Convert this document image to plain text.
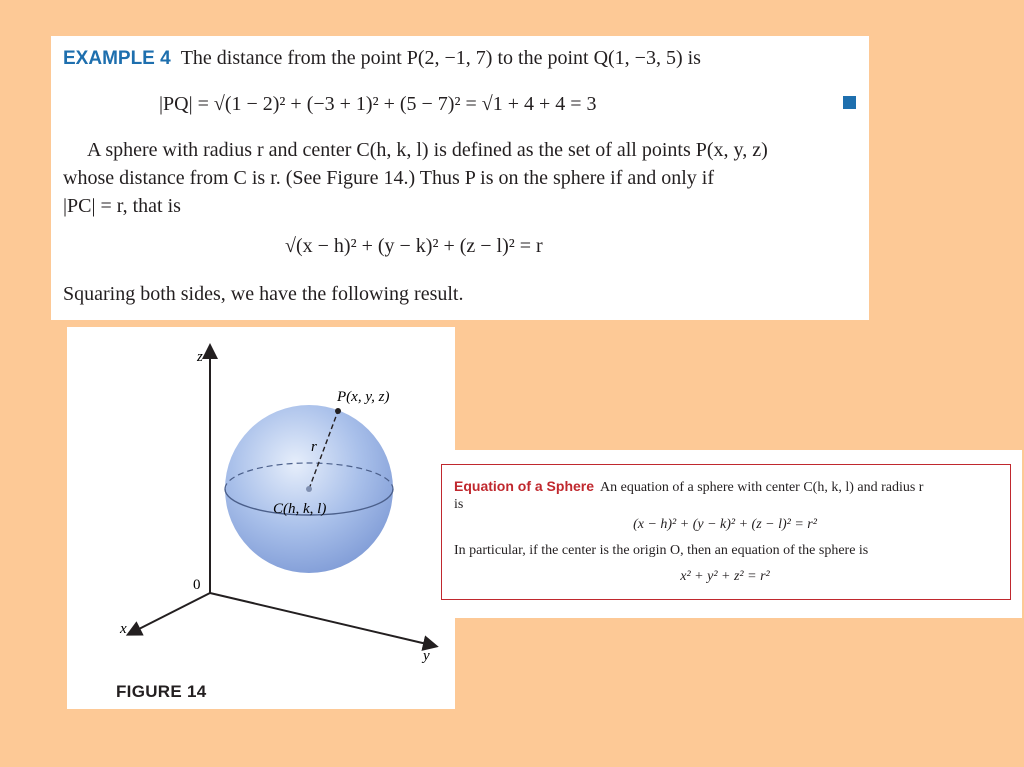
EXAMPLE 4 The distance from the point P(2, −1, 7) to the point Q(1, −3, 5) is
|PQ| = √(1 − 2)² + (−3 + 1)² + (5 − 7)² = √1 + 4 + 4 = 3
A sphere with radius r and center C(h, k, l) is defined as the set of all points P(x, y, z)
whose distance from C is r. (See Figure 14.) Thus P is on the sphere if and only if
|PC| = r, that is
√(x − h)² + (y − k)² + (z − l)² = r
Squaring both sides, we have the following result.
z
y
x
0
P(x, y, z)
r
C(h, k, l)
FIGURE 14
Equation of a Sphere An equation of a sphere with center C(h, k, l) and radius r
is
(x − h)² + (y − k)² + (z − l)² = r²
In particular, if the center is the origin O, then an equation of the sphere is
x² + y² + z² = r²
